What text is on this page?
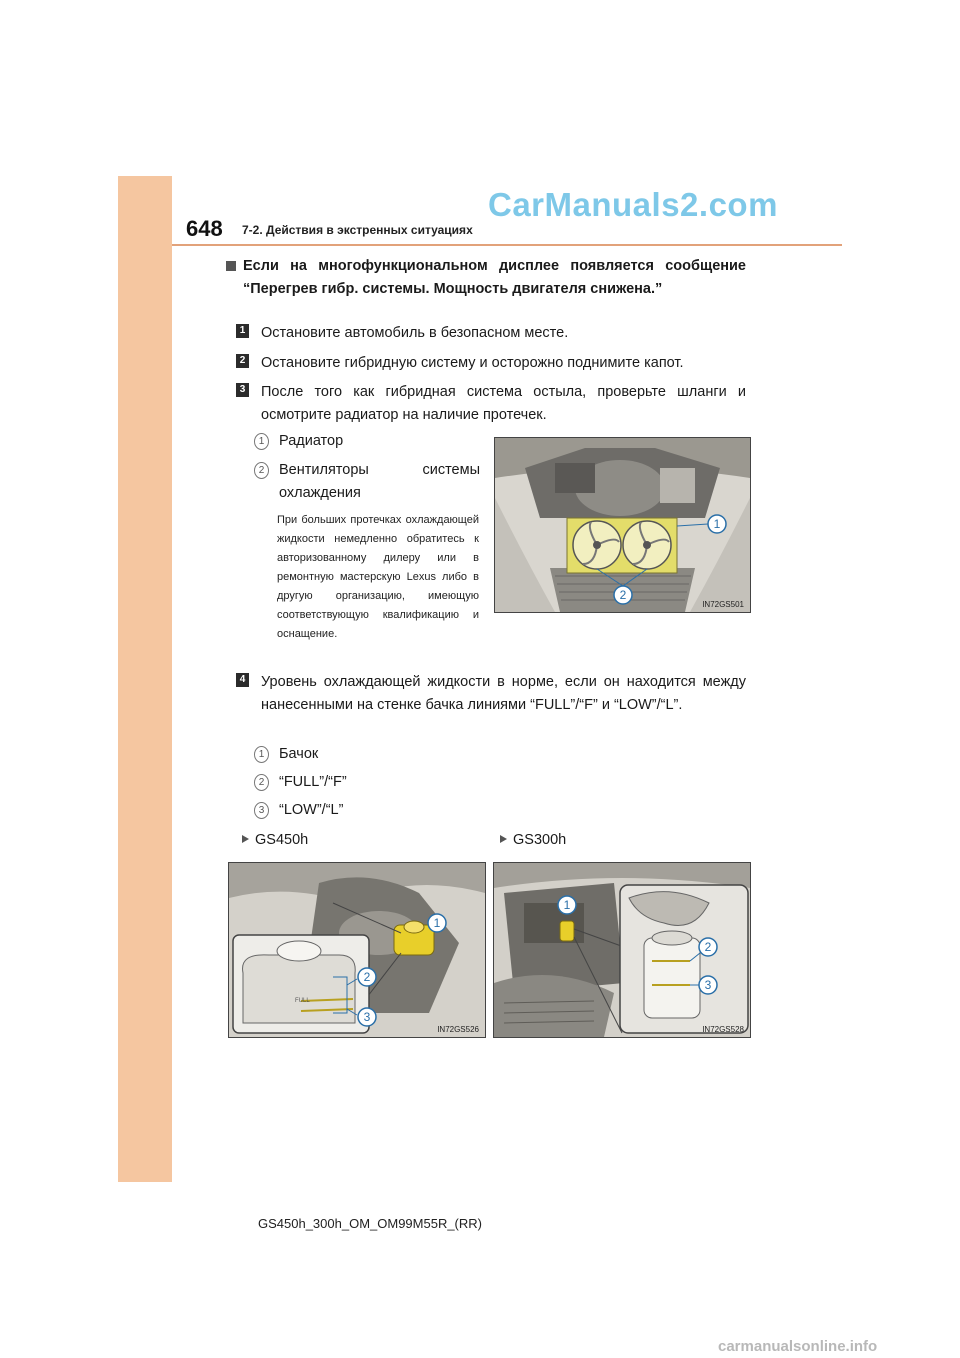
648 7-2. Действия в экстренных ситуациях
CarManuals2.com
Если на многофункциональном дисплее появляется сообщение “Перегрев гибр. системы. Мощность двигателя снижена.”
1 Остановите автомобиль в безопасном месте.
2 Остановите гибридную систему и осторожно поднимите капот.
3 После того как гибридная система остыла, проверьте шланги и осмотрите радиатор на наличие протечек.
1	Радиатор
2	Вентиляторы системы охлаждения
При больших протечках охлаждающей жидкости немедленно обратитесь к авторизованному дилеру или в ремонтную мастерскую Lexus либо в другую организацию, имеющую соответствующую квалификацию и оснащение.
1
2
IN72GS501
4 Уровень охлаждающей жидкости в норме, если он находится между нанесенными на стенке бачка линиями “FULL”/“F” и “LOW”/“L”.
1	Бачок
2	“FULL”/“F”
3	“LOW”/“L”
GS450h	GS300h
FULL
1
2
3
IN72GS526
1
2
3
IN72GS528
GS450h_300h_OM_OM99M55R_(RR)
carmanualsonline.info
